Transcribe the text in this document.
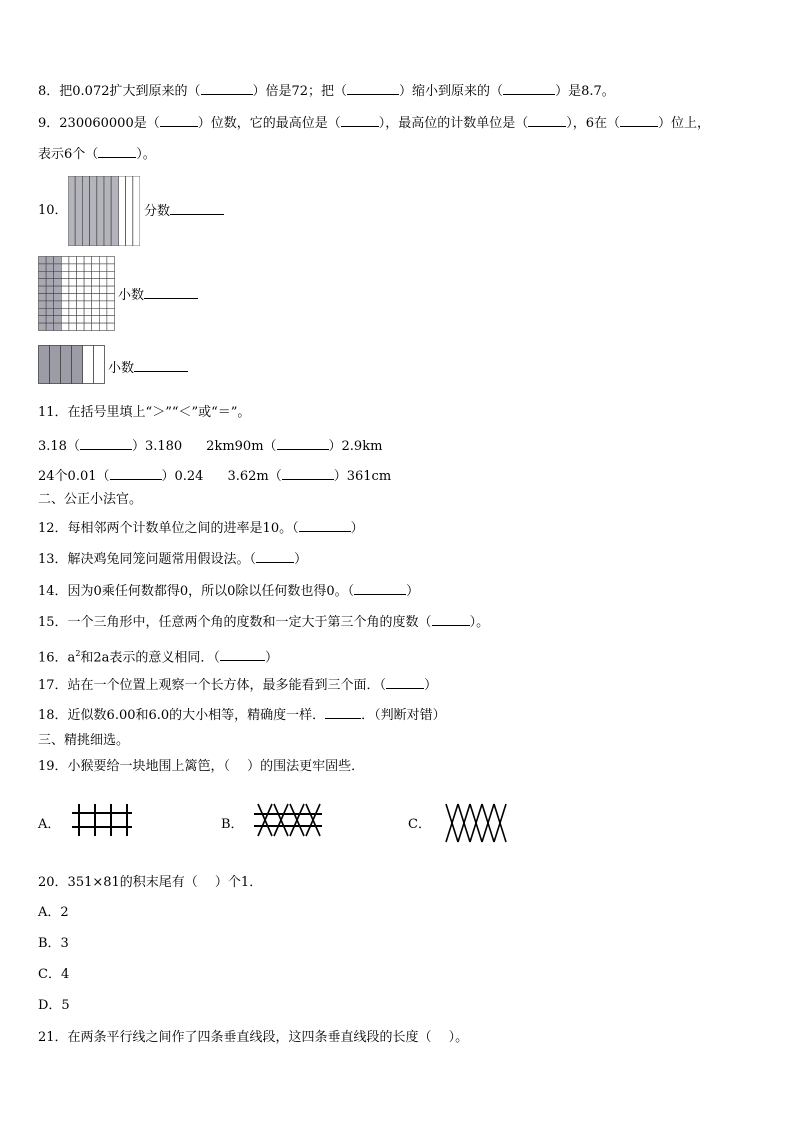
8．把0.072扩大到原来的（	）倍是72；把（	）缩小到原来的（	）是8.7。
9．230060000是（	）位数，它的最高位是（	），最高位的计数单位是（	），6在（	）位上，
表示6个（	）。
10．	分数
小数
小数
11．在括号里填上“＞”“＜”或“＝”。
3.18（	）3.180 2km90m（	）2.9km
24个0.01（	）0.24 3.62m（	）361cm
二、公正小法官。
12．每相邻两个计数单位之间的进率是10。（	）
13．解决鸡兔同笼问题常用假设法。（	）
14．因为0乘任何数都得0，所以0除以任何数也得0。（	）
15．一个三角形中，任意两个角的度数和一定大于第三个角的度数（	）。
16．$a^2$和2a表示的意义相同．（	）
17．站在一个位置上观察一个长方体，最多能看到三个面．（	）
18．近似数6.00和6.0的大小相等，精确度一样．	．（判断对错）
三、精挑细选。
19．小猴要给一块地围上篱笆，（　 ）的围法更牢固些．
A．	B．	C．
20．351×81的积末尾有（　 ）个1．
A．2
B．3
C．4
D．5
21．在两条平行线之间作了四条垂直线段，这四条垂直线段的长度（　 ）。
